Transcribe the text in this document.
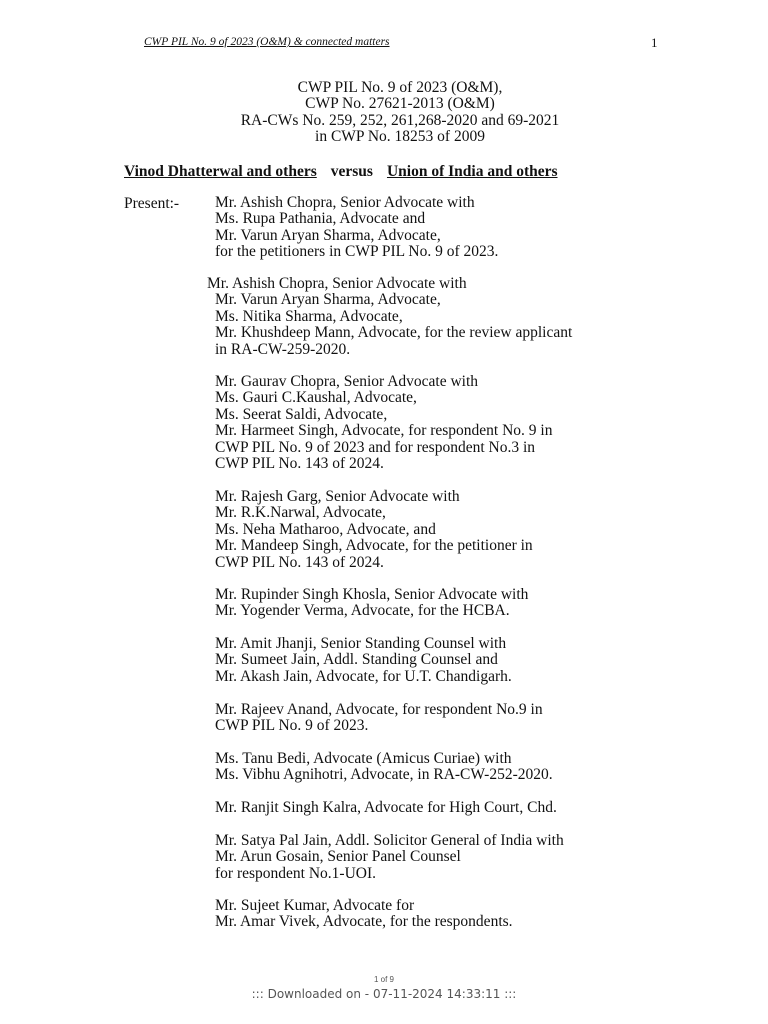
CWP PIL No. 9 of 2023 (O&M) & connected matters	1
CWP PIL No. 9 of 2023 (O&M),
CWP No. 27621-2013 (O&M)
RA-CWs No. 259, 252, 261,268-2020 and 69-2021
in CWP No. 18253 of 2009
Vinod Dhatterwal and others versus Union of India and others
Present:- Mr. Ashish Chopra, Senior Advocate with
Ms. Rupa Pathania, Advocate and
Mr. Varun Aryan Sharma, Advocate,
for the petitioners in CWP PIL No. 9 of 2023.
Mr. Ashish Chopra, Senior Advocate with
Mr. Varun Aryan Sharma, Advocate,
Ms. Nitika Sharma, Advocate,
Mr. Khushdeep Mann, Advocate, for the review applicant
in RA-CW-259-2020.
Mr. Gaurav Chopra, Senior Advocate with
Ms. Gauri C.Kaushal, Advocate,
Ms. Seerat Saldi, Advocate,
Mr. Harmeet Singh, Advocate, for respondent No. 9 in
CWP PIL No. 9 of 2023 and for respondent No.3 in
CWP PIL No. 143 of 2024.
Mr. Rajesh Garg, Senior Advocate with
Mr. R.K.Narwal, Advocate,
Ms. Neha Matharoo, Advocate, and
Mr. Mandeep Singh, Advocate, for the petitioner in
CWP PIL No. 143 of 2024.
Mr. Rupinder Singh Khosla, Senior Advocate with
Mr. Yogender Verma, Advocate, for the HCBA.
Mr. Amit Jhanji, Senior Standing Counsel with
Mr. Sumeet Jain, Addl. Standing Counsel and
Mr. Akash Jain, Advocate, for U.T. Chandigarh.
Mr. Rajeev Anand, Advocate, for respondent No.9 in
CWP PIL No. 9 of 2023.
Ms. Tanu Bedi, Advocate (Amicus Curiae) with
Ms. Vibhu Agnihotri, Advocate, in RA-CW-252-2020.
Mr. Ranjit Singh Kalra, Advocate for High Court, Chd.
Mr. Satya Pal Jain, Addl. Solicitor General of India with
Mr. Arun Gosain, Senior Panel Counsel
for respondent No.1-UOI.
Mr. Sujeet Kumar, Advocate for
Mr. Amar Vivek, Advocate, for the respondents.
1 of 9
::: Downloaded on - 07-11-2024 14:33:11 :::
